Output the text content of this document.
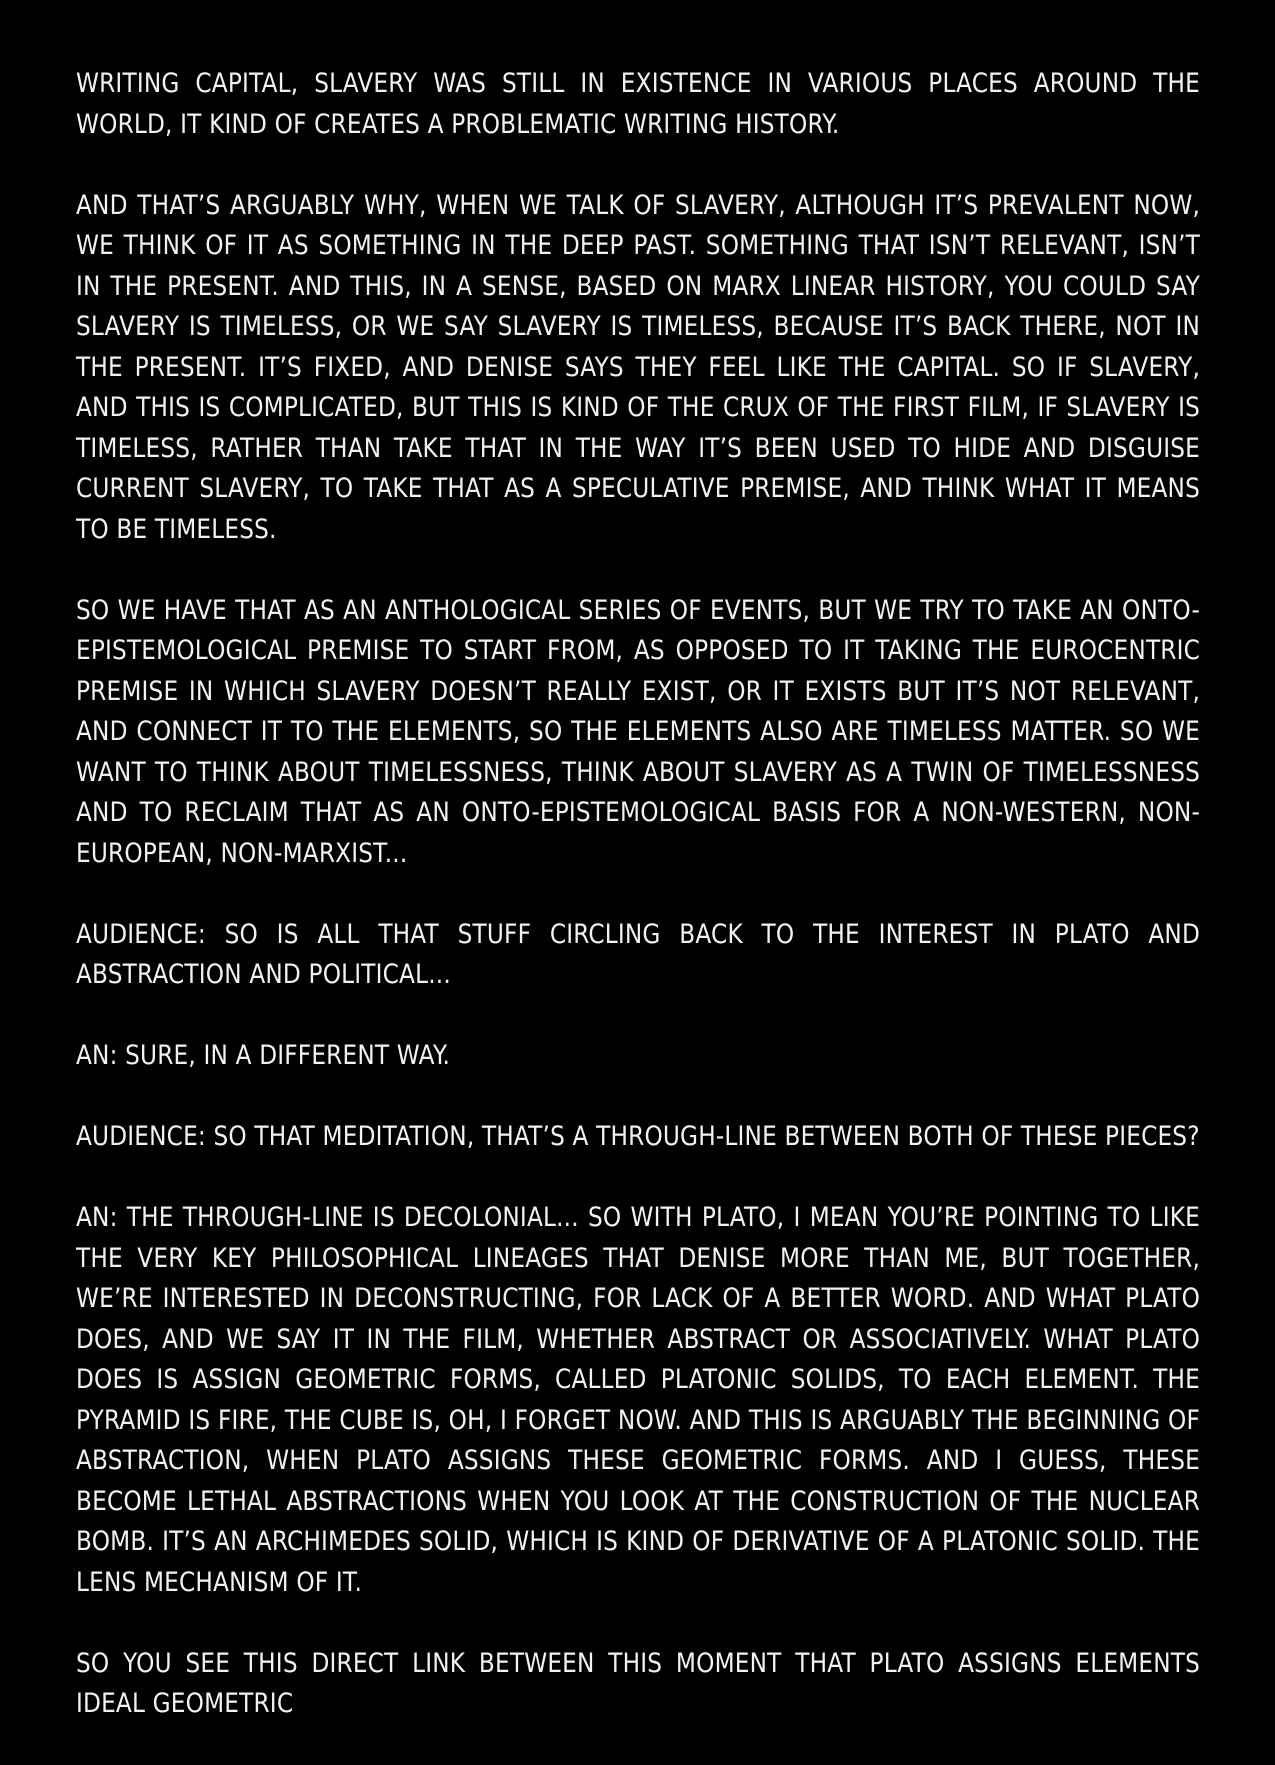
WRITING CAPITAL, SLAVERY WAS STILL IN EXISTENCE IN VARIOUS PLACES AROUND THE WORLD, IT KIND OF CREATES A PROBLEMATIC WRITING HISTORY.

AND THAT’S ARGUABLY WHY, WHEN WE TALK OF SLAVERY, ALTHOUGH IT’S PREVALENT NOW, WE THINK OF IT AS SOMETHING IN THE DEEP PAST. SOMETHING THAT ISN’T RELEVANT, ISN’T IN THE PRESENT. AND THIS, IN A SENSE, BASED ON MARX LINEAR HISTORY, YOU COULD SAY SLAVERY IS TIMELESS, OR WE SAY SLAVERY IS TIMELESS, BECAUSE IT’S BACK THERE, NOT IN THE PRESENT. IT’S FIXED, AND DENISE SAYS THEY FEEL LIKE THE CAPITAL. SO IF SLAVERY, AND THIS IS COMPLICATED, BUT THIS IS KIND OF THE CRUX OF THE FIRST FILM, IF SLAVERY IS TIMELESS, RATHER THAN TAKE THAT IN THE WAY IT’S BEEN USED TO HIDE AND DISGUISE CURRENT SLAVERY, TO TAKE THAT AS A SPECULATIVE PREMISE, AND THINK WHAT IT MEANS TO BE TIMELESS.

SO WE HAVE THAT AS AN ANTHOLOGICAL SERIES OF EVENTS, BUT WE TRY TO TAKE AN ONTO-EPISTEMOLOGICAL PREMISE TO START FROM, AS OPPOSED TO IT TAKING THE EUROCENTRIC PREMISE IN WHICH SLAVERY DOESN’T REALLY EXIST, OR IT EXISTS BUT IT’S NOT RELEVANT, AND CONNECT IT TO THE ELEMENTS, SO THE ELEMENTS ALSO ARE TIMELESS MATTER. SO WE WANT TO THINK ABOUT TIMELESSNESS, THINK ABOUT SLAVERY AS A TWIN OF TIMELESSNESS AND TO RECLAIM THAT AS AN ONTO-EPISTEMOLOGICAL BASIS FOR A NON-WESTERN, NON-EUROPEAN, NON-MARXIST...

AUDIENCE: SO IS ALL THAT STUFF CIRCLING BACK TO THE INTEREST IN PLATO AND ABSTRACTION AND POLITICAL...

AN: SURE, IN A DIFFERENT WAY.

AUDIENCE: SO THAT MEDITATION, THAT’S A THROUGH-LINE BETWEEN BOTH OF THESE PIECES?

AN: THE THROUGH-LINE IS DECOLONIAL... SO WITH PLATO, I MEAN YOU’RE POINTING TO LIKE THE VERY KEY PHILOSOPHICAL LINEAGES THAT DENISE MORE THAN ME, BUT TOGETHER, WE’RE INTERESTED IN DECONSTRUCTING, FOR LACK OF A BETTER WORD. AND WHAT PLATO DOES, AND WE SAY IT IN THE FILM, WHETHER ABSTRACT OR ASSOCIATIVELY. WHAT PLATO DOES IS ASSIGN GEOMETRIC FORMS, CALLED PLATONIC SOLIDS, TO EACH ELEMENT. THE PYRAMID IS FIRE, THE CUBE IS, OH, I FORGET NOW. AND THIS IS ARGUABLY THE BEGINNING OF ABSTRACTION, WHEN PLATO ASSIGNS THESE GEOMETRIC FORMS. AND I GUESS, THESE BECOME LETHAL ABSTRACTIONS WHEN YOU LOOK AT THE CONSTRUCTION OF THE NUCLEAR BOMB. IT’S AN ARCHIMEDES SOLID, WHICH IS KIND OF DERIVATIVE OF A PLATONIC SOLID. THE LENS MECHANISM OF IT.

SO YOU SEE THIS DIRECT LINK BETWEEN THIS MOMENT THAT PLATO ASSIGNS ELEMENTS IDEAL GEOMETRIC
